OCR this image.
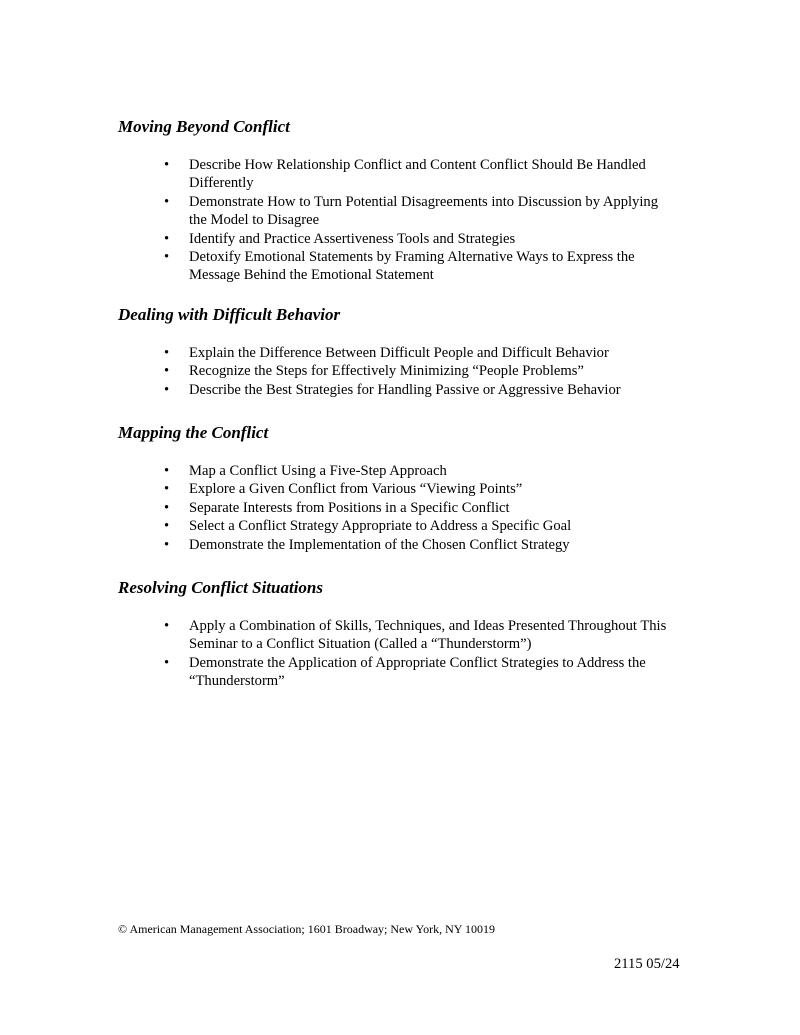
Moving Beyond Conflict
• Describe How Relationship Conflict and Content Conflict Should Be Handled Differently
• Demonstrate How to Turn Potential Disagreements into Discussion by Applying the Model to Disagree
• Identify and Practice Assertiveness Tools and Strategies
• Detoxify Emotional Statements by Framing Alternative Ways to Express the Message Behind the Emotional Statement
Dealing with Difficult Behavior
• Explain the Difference Between Difficult People and Difficult Behavior
• Recognize the Steps for Effectively Minimizing “People Problems”
• Describe the Best Strategies for Handling Passive or Aggressive Behavior
Mapping the Conflict
• Map a Conflict Using a Five-Step Approach
• Explore a Given Conflict from Various “Viewing Points”
• Separate Interests from Positions in a Specific Conflict
• Select a Conflict Strategy Appropriate to Address a Specific Goal
• Demonstrate the Implementation of the Chosen Conflict Strategy
Resolving Conflict Situations
• Apply a Combination of Skills, Techniques, and Ideas Presented Throughout This Seminar to a Conflict Situation (Called a “Thunderstorm”)
• Demonstrate the Application of Appropriate Conflict Strategies to Address the “Thunderstorm”
© American Management Association; 1601 Broadway; New York, NY 10019
2115 05/24
